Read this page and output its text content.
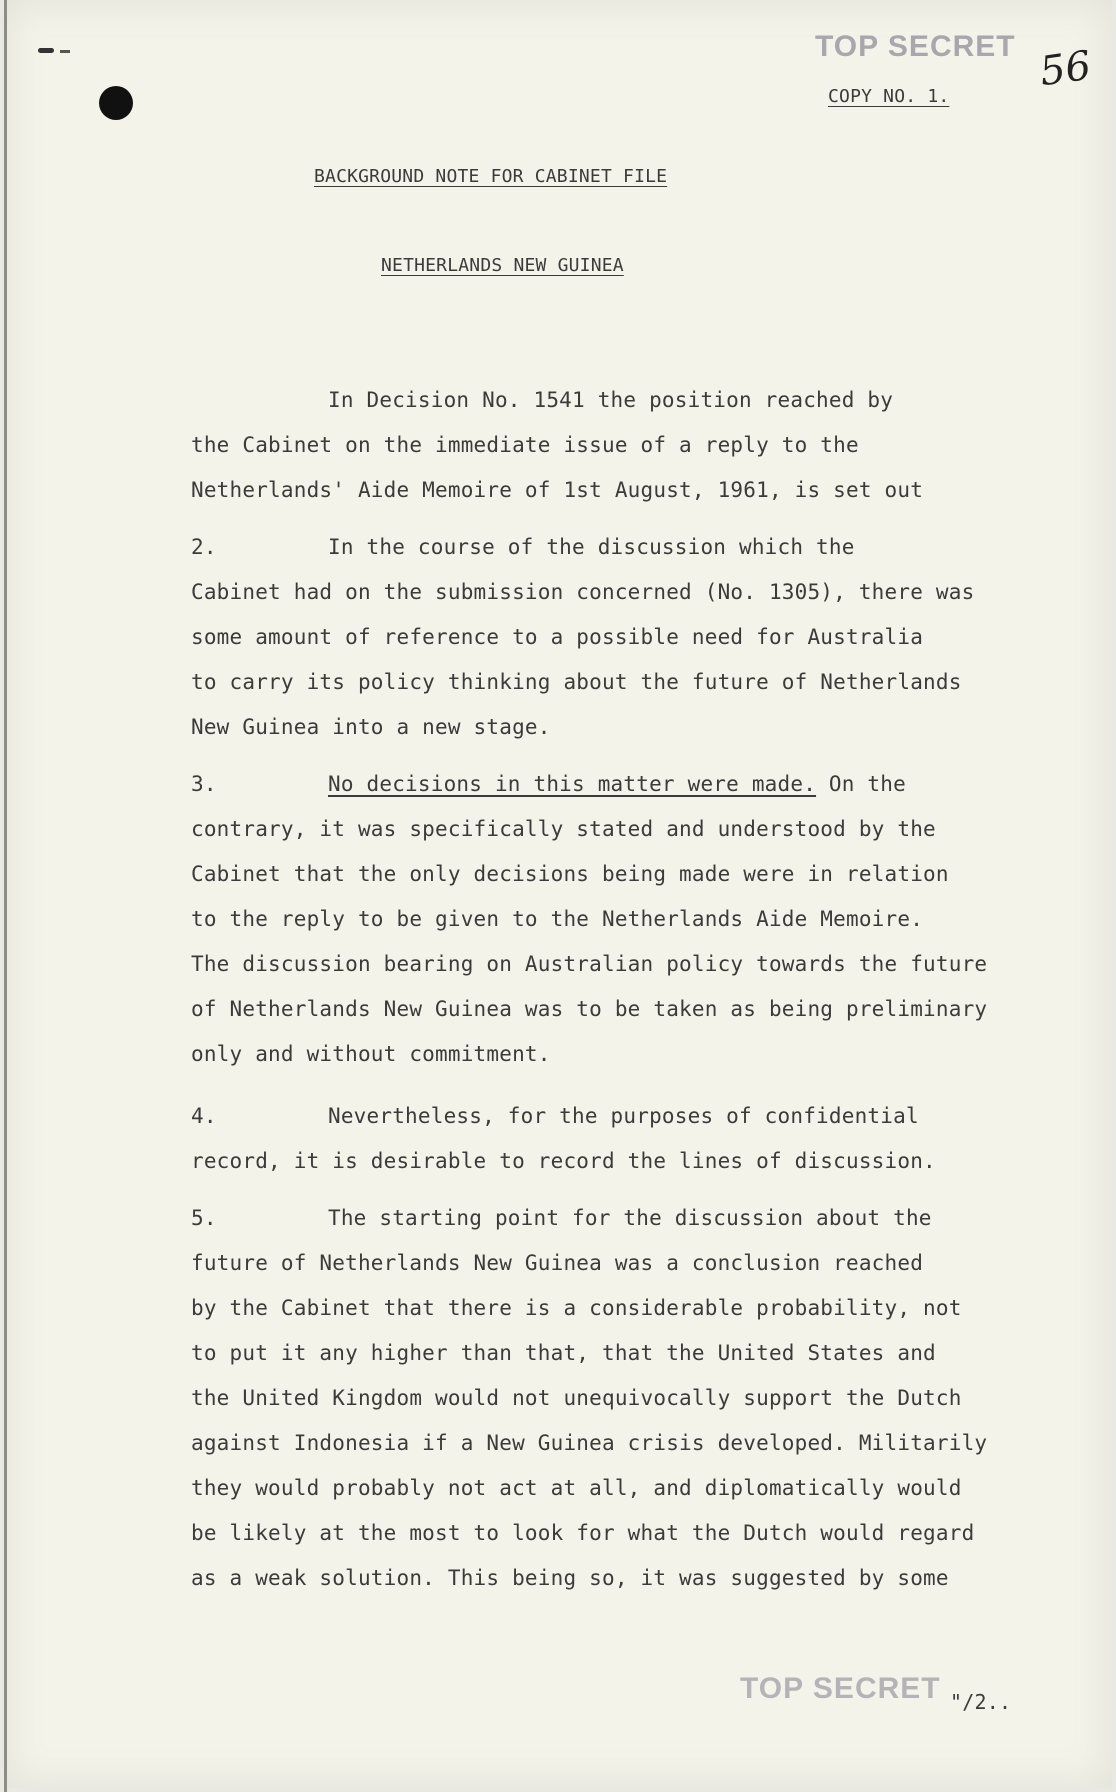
TOP SECRET 56
COPY NO. 1.
BACKGROUND NOTE FOR CABINET FILE
NETHERLANDS NEW GUINEA
In Decision No. 1541 the position reached by
the Cabinet on the immediate issue of a reply to the
Netherlands' Aide Memoire of 1st August, 1961, is set out
2.	In the course of the discussion which the
Cabinet had on the submission concerned (No. 1305), there was
some amount of reference to a possible need for Australia
to carry its policy thinking about the future of Netherlands
New Guinea into a new stage.
3.	No decisions in this matter were made. On the
contrary, it was specifically stated and understood by the
Cabinet that the only decisions being made were in relation
to the reply to be given to the Netherlands Aide Memoire.
The discussion bearing on Australian policy towards the future
of Netherlands New Guinea was to be taken as being preliminary
only and without commitment.
4.	Nevertheless, for the purposes of confidential
record, it is desirable to record the lines of discussion.
5.	The starting point for the discussion about the
future of Netherlands New Guinea was a conclusion reached
by the Cabinet that there is a considerable probability, not
to put it any higher than that, that the United States and
the United Kingdom would not unequivocally support the Dutch
against Indonesia if a New Guinea crisis developed. Militarily
they would probably not act at all, and diplomatically would
be likely at the most to look for what the Dutch would regard
as a weak solution. This being so, it was suggested by some
TOP SECRET "/2..
